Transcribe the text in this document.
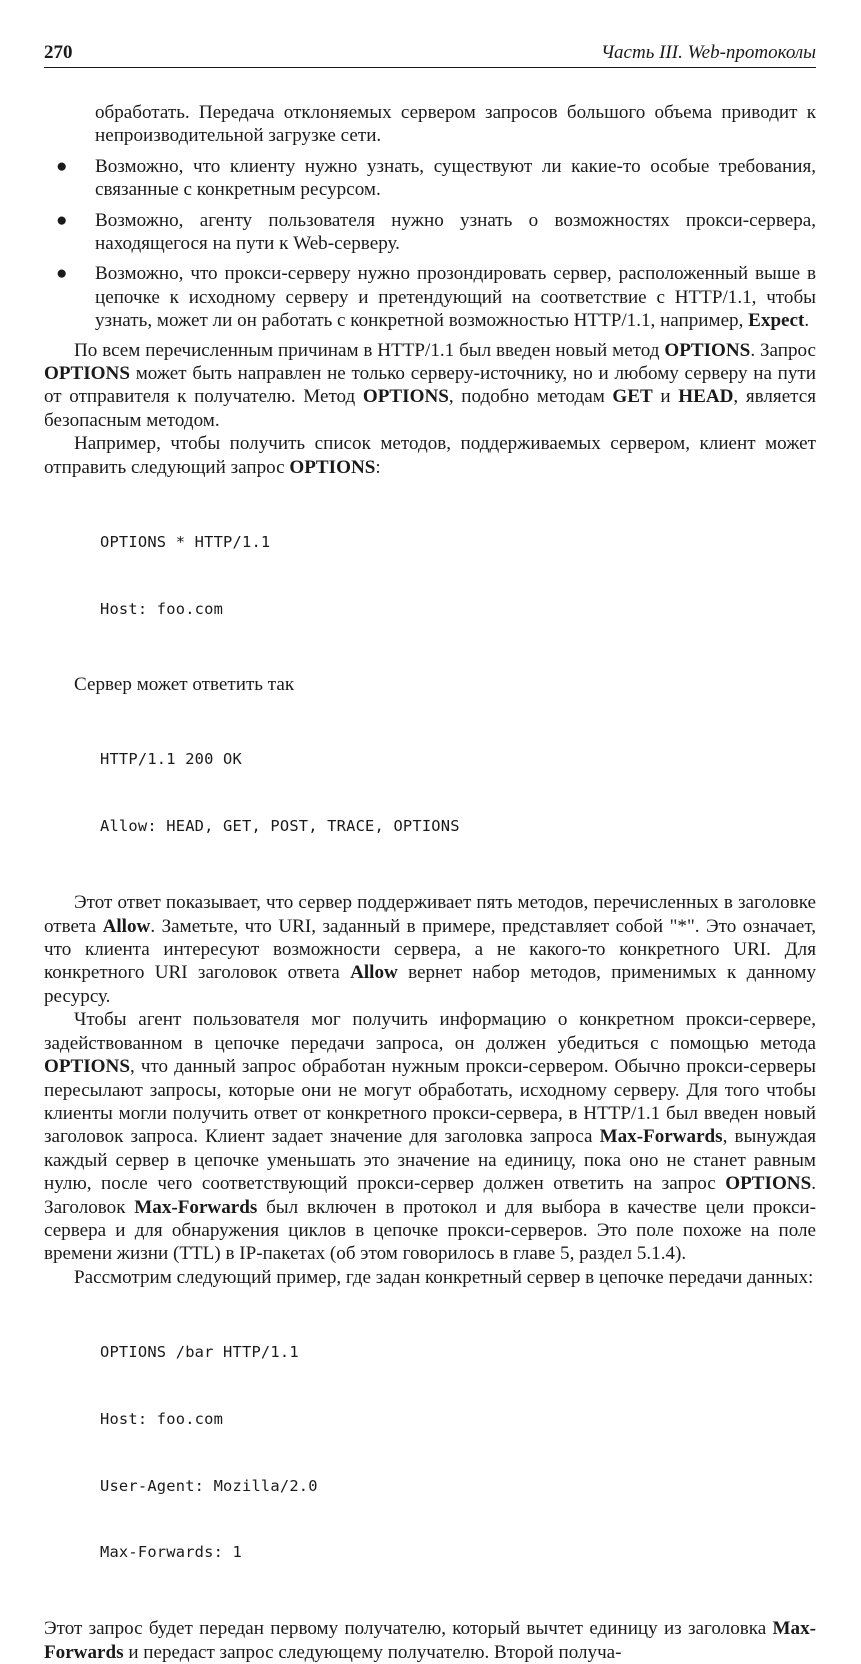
270	Часть III. Web-протоколы

обработать. Передача отклоняемых сервером запросов большого объема приводит к непроизводительной загрузке сети.

● Возможно, что клиенту нужно узнать, существуют ли какие-то особые требования, связанные с конкретным ресурсом.
● Возможно, агенту пользователя нужно узнать о возможностях прокси-сервера, находящегося на пути к Web-серверу.
● Возможно, что прокси-серверу нужно прозондировать сервер, расположенный выше в цепочке к исходному серверу и претендующий на соответствие с HTTP/1.1, чтобы узнать, может ли он работать с конкретной возможностью HTTP/1.1, например, Expect.

По всем перечисленным причинам в HTTP/1.1 был введен новый метод OPTIONS. Запрос OPTIONS может быть направлен не только серверу-источнику, но и любому серверу на пути от отправителя к получателю. Метод OPTIONS, подобно методам GET и HEAD, является безопасным методом.

Например, чтобы получить список методов, поддерживаемых сервером, клиент может отправить следующий запрос OPTIONS:

OPTIONS * HTTP/1.1

Host: foo.com

Сервер может ответить так

HTTP/1.1 200 OK

Allow: HEAD, GET, POST, TRACE, OPTIONS

Этот ответ показывает, что сервер поддерживает пять методов, перечисленных в заголовке ответа Allow. Заметьте, что URI, заданный в примере, представляет собой "*". Это означает, что клиента интересуют возможности сервера, а не какого-то конкретного URI. Для конкретного URI заголовок ответа Allow вернет набор методов, применимых к данному ресурсу.

Чтобы агент пользователя мог получить информацию о конкретном прокси-сервере, задействованном в цепочке передачи запроса, он должен убедиться с помощью метода OPTIONS, что данный запрос обработан нужным прокси-сервером. Обычно прокси-серверы пересылают запросы, которые они не могут обработать, исходному серверу. Для того чтобы клиенты могли получить ответ от конкретного прокси-сервера, в HTTP/1.1 был введен новый заголовок запроса. Клиент задает значение для заголовка запроса Max-Forwards, вынуждая каждый сервер в цепочке уменьшать это значение на единицу, пока оно не станет равным нулю, после чего соответствующий прокси-сервер должен ответить на запрос OPTIONS. Заголовок Max-Forwards был включен в протокол и для выбора в качестве цели прокси-сервера и для обнаружения циклов в цепочке прокси-серверов. Это поле похоже на поле времени жизни (TTL) в IP-пакетах (об этом говорилось в главе 5, раздел 5.1.4).

Рассмотрим следующий пример, где задан конкретный сервер в цепочке передачи данных:

OPTIONS /bar HTTP/1.1

Host: foo.com

User-Agent: Mozilla/2.0

Max-Forwards: 1

Этот запрос будет передан первому получателю, который вычтет единицу из заголовка Max-Forwards и передаст запрос следующему получателю. Второй получа-
